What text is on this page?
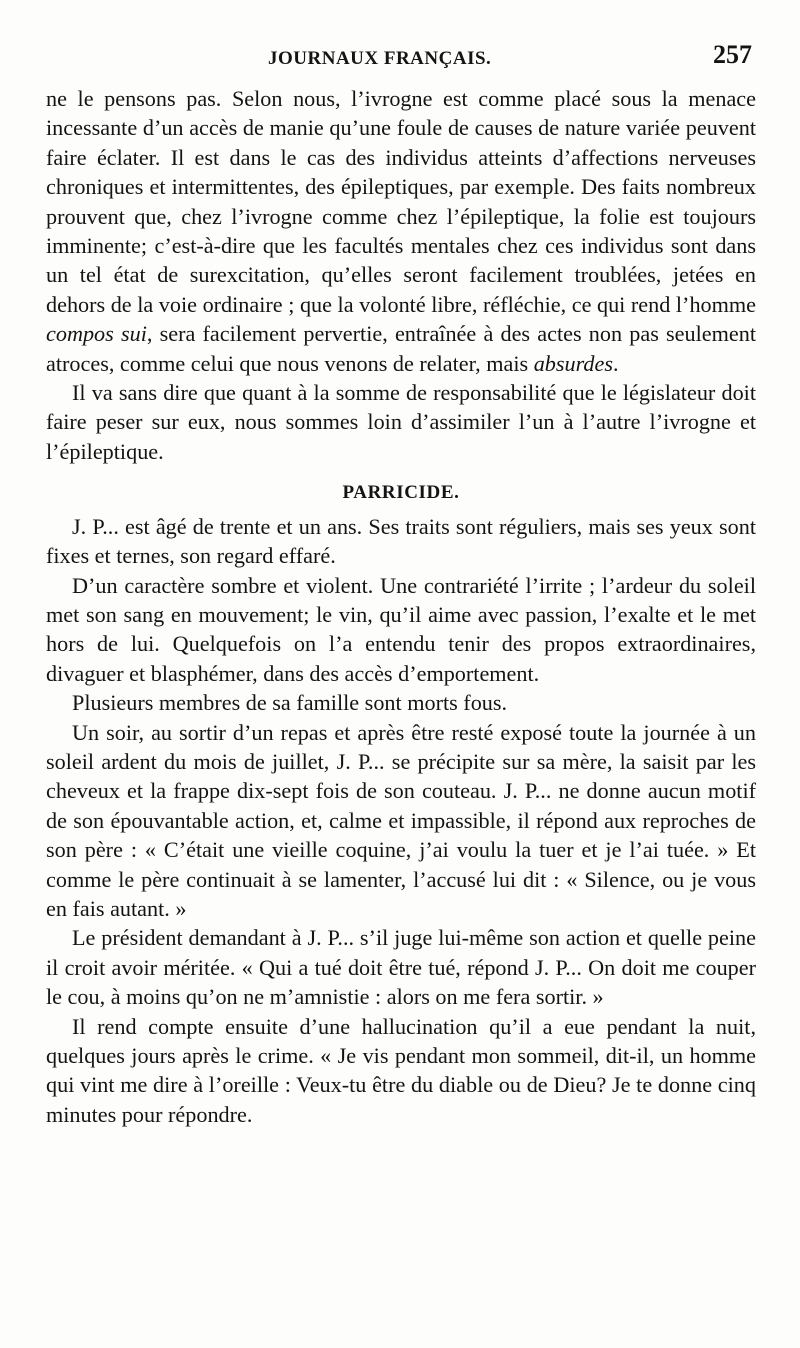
JOURNAUX FRANÇAIS.	257

ne le pensons pas. Selon nous, l’ivrogne est comme placé sous la menace incessante d’un accès de manie qu’une foule de causes de nature variée peuvent faire éclater. Il est dans le cas des individus atteints d’affections nerveuses chroniques et intermittentes, des épileptiques, par exemple. Des faits nombreux prouvent que, chez l’ivrogne comme chez l’épileptique, la folie est toujours imminente; c’est-à-dire que les facultés mentales chez ces individus sont dans un tel état de surexcitation, qu’elles seront facilement troublées, jetées en dehors de la voie ordinaire ; que la volonté libre, réfléchie, ce qui rend l’homme compos sui, sera facilement pervertie, entraînée à des actes non pas seulement atroces, comme celui que nous venons de relater, mais absurdes.

Il va sans dire que quant à la somme de responsabilité que le législateur doit faire peser sur eux, nous sommes loin d’assimiler l’un à l’autre l’ivrogne et l’épileptique.

PARRICIDE.

J. P... est âgé de trente et un ans. Ses traits sont réguliers, mais ses yeux sont fixes et ternes, son regard effaré.

D’un caractère sombre et violent. Une contrariété l’irrite ; l’ardeur du soleil met son sang en mouvement; le vin, qu’il aime avec passion, l’exalte et le met hors de lui. Quelquefois on l’a entendu tenir des propos extraordinaires, divaguer et blasphémer, dans des accès d’emportement.

Plusieurs membres de sa famille sont morts fous.

Un soir, au sortir d’un repas et après être resté exposé toute la journée à un soleil ardent du mois de juillet, J. P... se précipite sur sa mère, la saisit par les cheveux et la frappe dix-sept fois de son couteau. J. P... ne donne aucun motif de son épouvantable action, et, calme et impassible, il répond aux reproches de son père : « C’était une vieille coquine, j’ai voulu la tuer et je l’ai tuée. » Et comme le père continuait à se lamenter, l’accusé lui dit : « Silence, ou je vous en fais autant. »

Le président demandant à J. P... s’il juge lui-même son action et quelle peine il croit avoir méritée. « Qui a tué doit être tué, répond J. P... On doit me couper le cou, à moins qu’on ne m’amnistie : alors on me fera sortir. »

Il rend compte ensuite d’une hallucination qu’il a eue pendant la nuit, quelques jours après le crime. « Je vis pendant mon sommeil, dit-il, un homme qui vint me dire à l’oreille : Veux-tu être du diable ou de Dieu? Je te donne cinq minutes pour répondre.
